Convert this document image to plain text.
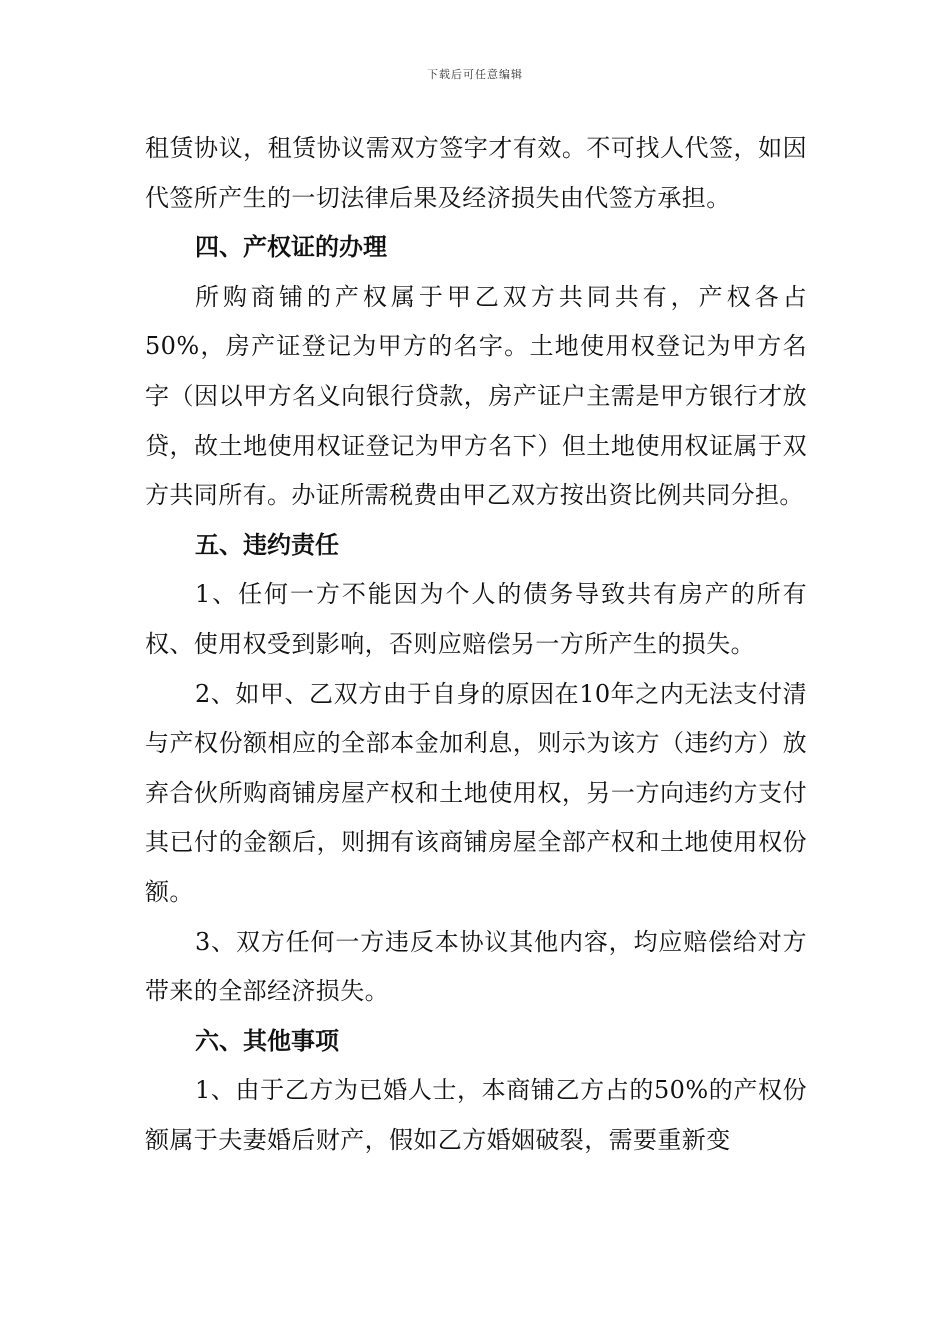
下载后可任意编辑

租赁协议，租赁协议需双方签字才有效。不可找人代签，如因代签所产生的一切法律后果及经济损失由代签方承担。

四、产权证的办理

所购商铺的产权属于甲乙双方共同共有，产权各占50%，房产证登记为甲方的名字。土地使用权登记为甲方名字（因以甲方名义向银行贷款，房产证户主需是甲方银行才放贷，故土地使用权证登记为甲方名下）但土地使用权证属于双方共同所有。办证所需税费由甲乙双方按出资比例共同分担。

五、违约责任

1、任何一方不能因为个人的债务导致共有房产的所有权、使用权受到影响，否则应赔偿另一方所产生的损失。

2、如甲、乙双方由于自身的原因在10年之内无法支付清与产权份额相应的全部本金加利息，则示为该方（违约方）放弃合伙所购商铺房屋产权和土地使用权，另一方向违约方支付其已付的金额后，则拥有该商铺房屋全部产权和土地使用权份额。

3、双方任何一方违反本协议其他内容，均应赔偿给对方带来的全部经济损失。

六、其他事项

1、由于乙方为已婚人士，本商铺乙方占的50%的产权份额属于夫妻婚后财产，假如乙方婚姻破裂，需要重新变
